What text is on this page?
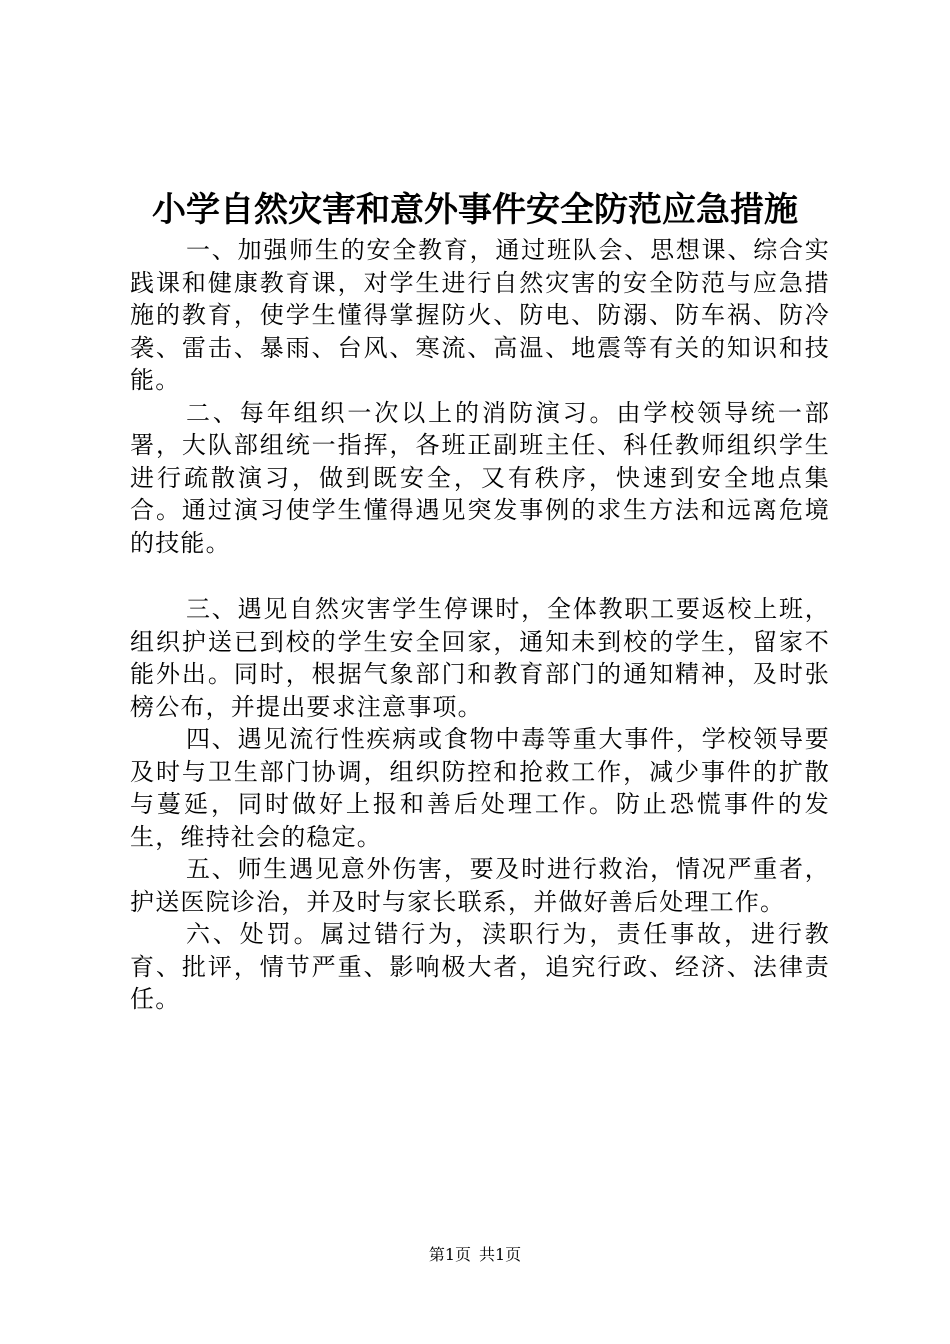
小学自然灾害和意外事件安全防范应急措施

一、加强师生的安全教育，通过班队会、思想课、综合实践课和健康教育课，对学生进行自然灾害的安全防范与应急措施的教育，使学生懂得掌握防火、防电、防溺、防车祸、防冷袭、雷击、暴雨、台风、寒流、高温、地震等有关的知识和技能。

二、每年组织一次以上的消防演习。由学校领导统一部署，大队部组统一指挥，各班正副班主任、科任教师组织学生进行疏散演习，做到既安全，又有秩序，快速到安全地点集合。通过演习使学生懂得遇见突发事例的求生方法和远离危境的技能。

三、遇见自然灾害学生停课时，全体教职工要返校上班，组织护送已到校的学生安全回家，通知未到校的学生，留家不能外出。同时，根据气象部门和教育部门的通知精神，及时张榜公布，并提出要求注意事项。

四、遇见流行性疾病或食物中毒等重大事件，学校领导要及时与卫生部门协调，组织防控和抢救工作，减少事件的扩散与蔓延，同时做好上报和善后处理工作。防止恐慌事件的发生，维持社会的稳定。

五、师生遇见意外伤害，要及时进行救治，情况严重者，护送医院诊治，并及时与家长联系，并做好善后处理工作。

六、处罚。属过错行为，渎职行为，责任事故，进行教育、批评，情节严重、影响极大者，追究行政、经济、法律责任。

第1页 共1页
